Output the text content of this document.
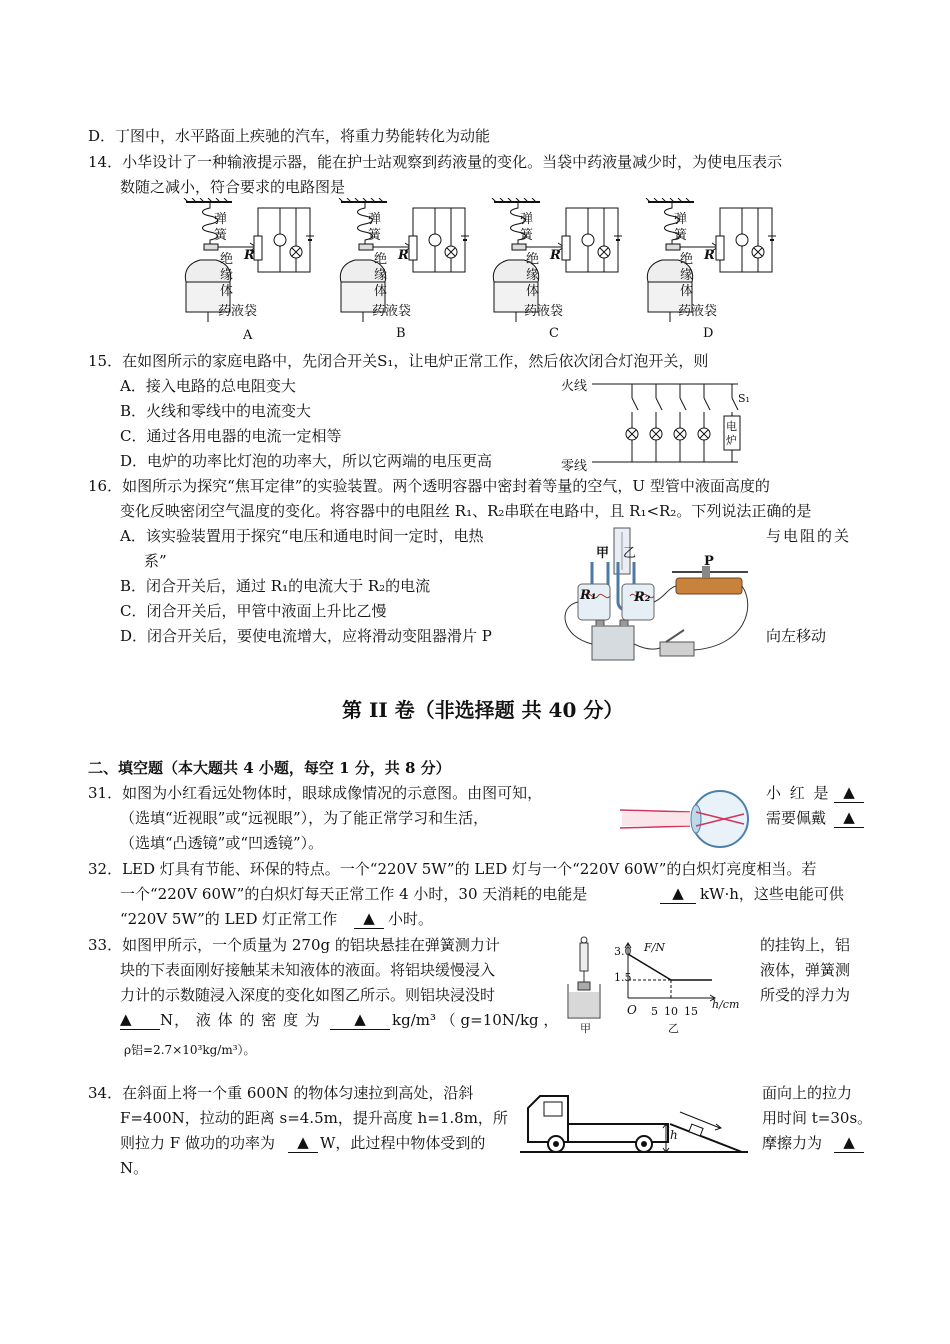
D．丁图中，水平路面上疾驰的汽车，将重力势能转化为动能
14．小华设计了一种输液提示器，能在护士站观察到药液量的变化。当袋中药液量减少时，为使电压表示
数随之减小，符合要求的电路图是
弹
簧
R
绝
缘
体
药液袋
弹
簧
R
绝
缘
体
药液袋
弹
簧
R
绝
缘
体
药液袋
弹
簧
R
绝
缘
体
药液袋
A	B	C	D
15．在如图所示的家庭电路中，先闭合开关S₁，让电炉正常工作，然后依次闭合灯泡开关，则
A．接入电路的总电阻变大
B．火线和零线中的电流变大
C．通过各用电器的电流一定相等
D．电炉的功率比灯泡的功率大，所以它两端的电压更高
火线
零线
S₁
电
炉
16．如图所示为探究“焦耳定律”的实验装置。两个透明容器中密封着等量的空气，U 型管中液面高度的
变化反映密闭空气温度的变化。将容器中的电阻丝 R₁、R₂串联在电路中，且 R₁<R₂。下列说法正确的是
A．该实验装置用于探究“电压和通电时间一定时，电热	与电阻的关
系”
B．闭合开关后，通过 R₁的电流大于 R₂的电流
C．闭合开关后，甲管中液面上升比乙慢
D．闭合开关后，要使电流增大，应将滑动变阻器滑片 P	向左移动
甲 乙
P
R₁	R₂
第 II 卷（非选择题 共 40 分）
二、填空题（本大题共 4 小题，每空 1 分，共 8 分）
31．如图为小红看远处物体时，眼球成像情况的示意图。由图可知，	小 红 是 ▲
（选填“近视眼”或“远视眼”），为了能正常学习和生活，	需要佩戴	▲
（选填“凸透镜”或“凹透镜”）。
32．LED 灯具有节能、环保的特点。一个“220V 5W”的 LED 灯与一个“220V 60W”的白炽灯亮度相当。若
一个“220V 60W”的白炽灯每天正常工作 4 小时，30 天消耗的电能是	▲	kW·h，这些电能可供
“220V 5W”的 LED 灯正常工作	▲ 小时。
33．如图甲所示，一个质量为 270g 的铝块悬挂在弹簧测力计	的挂钩上，铝
块的下表面刚好接触某未知液体的液面。将铝块缓慢浸入	液体，弹簧测
力计的示数随浸入深度的变化如图乙所示。则铝块浸没时	所受的浮力为
▲	N， 液 体 的 密 度 为	▲	kg/m³ （ g=10N/kg ，
ρ铝=2.7×10³kg/m³）。
3.0
1.5
F/N
h/cm
O 5 10 15
甲	乙
34．在斜面上将一个重 600N 的物体匀速拉到高处，沿斜	面向上的拉力
F=400N，拉动的距离 s=4.5m，提升高度 h=1.8m，所	用时间 t=30s。
则拉力 F 做功的功率为	▲ W，此过程中物体受到的	摩擦力为	▲
N。
h
